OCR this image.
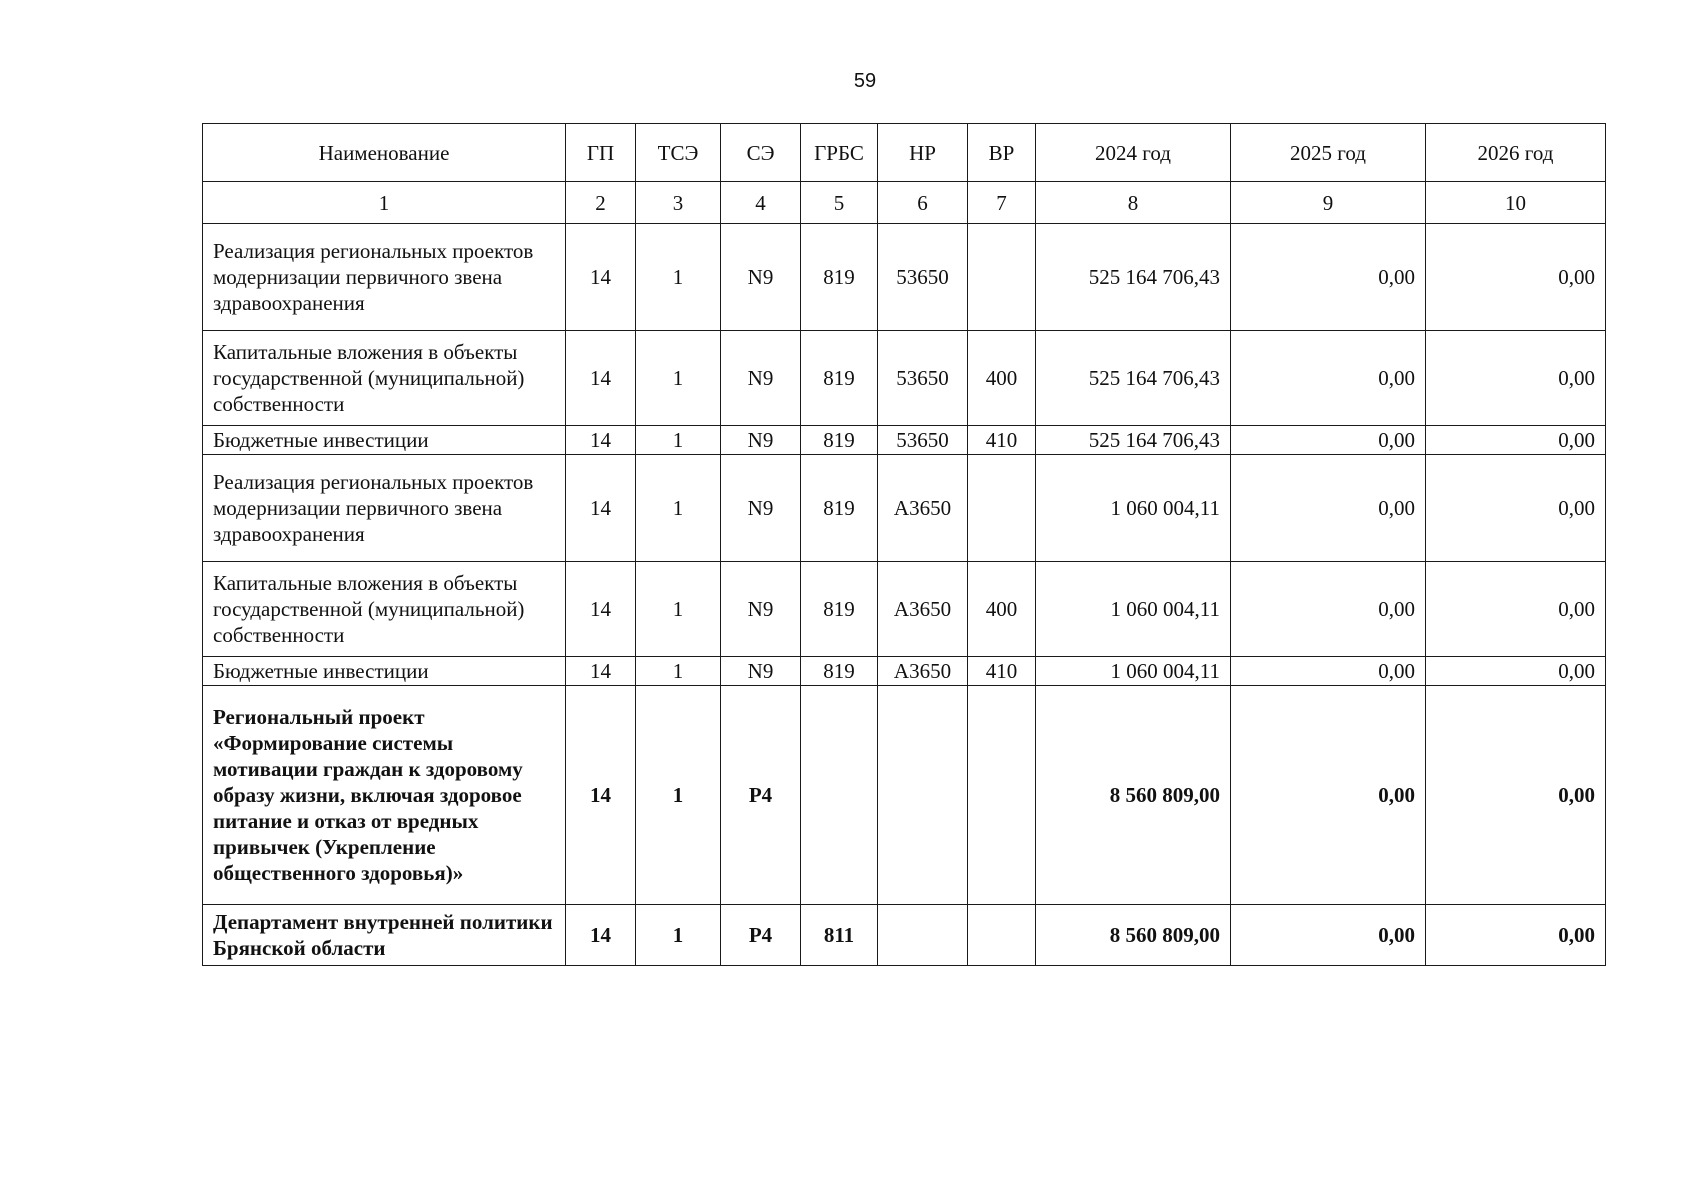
59
Наименование	ГП	ТСЭ	СЭ	ГРБС	НР	ВР	2024 год	2025 год	2026 год
1	2	3	4	5	6	7	8	9	10
Реализация региональных проектов модернизации первичного звена здравоохранения	14	1	N9	819	53650		525 164 706,43	0,00	0,00
Капитальные вложения в объекты государственной (муниципальной) собственности	14	1	N9	819	53650	400	525 164 706,43	0,00	0,00
Бюджетные инвестиции	14	1	N9	819	53650	410	525 164 706,43	0,00	0,00
Реализация региональных проектов модернизации первичного звена здравоохранения	14	1	N9	819	А3650		1 060 004,11	0,00	0,00
Капитальные вложения в объекты государственной (муниципальной) собственности	14	1	N9	819	А3650	400	1 060 004,11	0,00	0,00
Бюджетные инвестиции	14	1	N9	819	А3650	410	1 060 004,11	0,00	0,00
Региональный проект «Формирование системы мотивации граждан к здоровому образу жизни, включая здоровое питание и отказ от вредных привычек (Укрепление общественного здоровья)»	14	1	Р4				8 560 809,00	0,00	0,00
Департамент внутренней политики Брянской области	14	1	Р4	811			8 560 809,00	0,00	0,00
